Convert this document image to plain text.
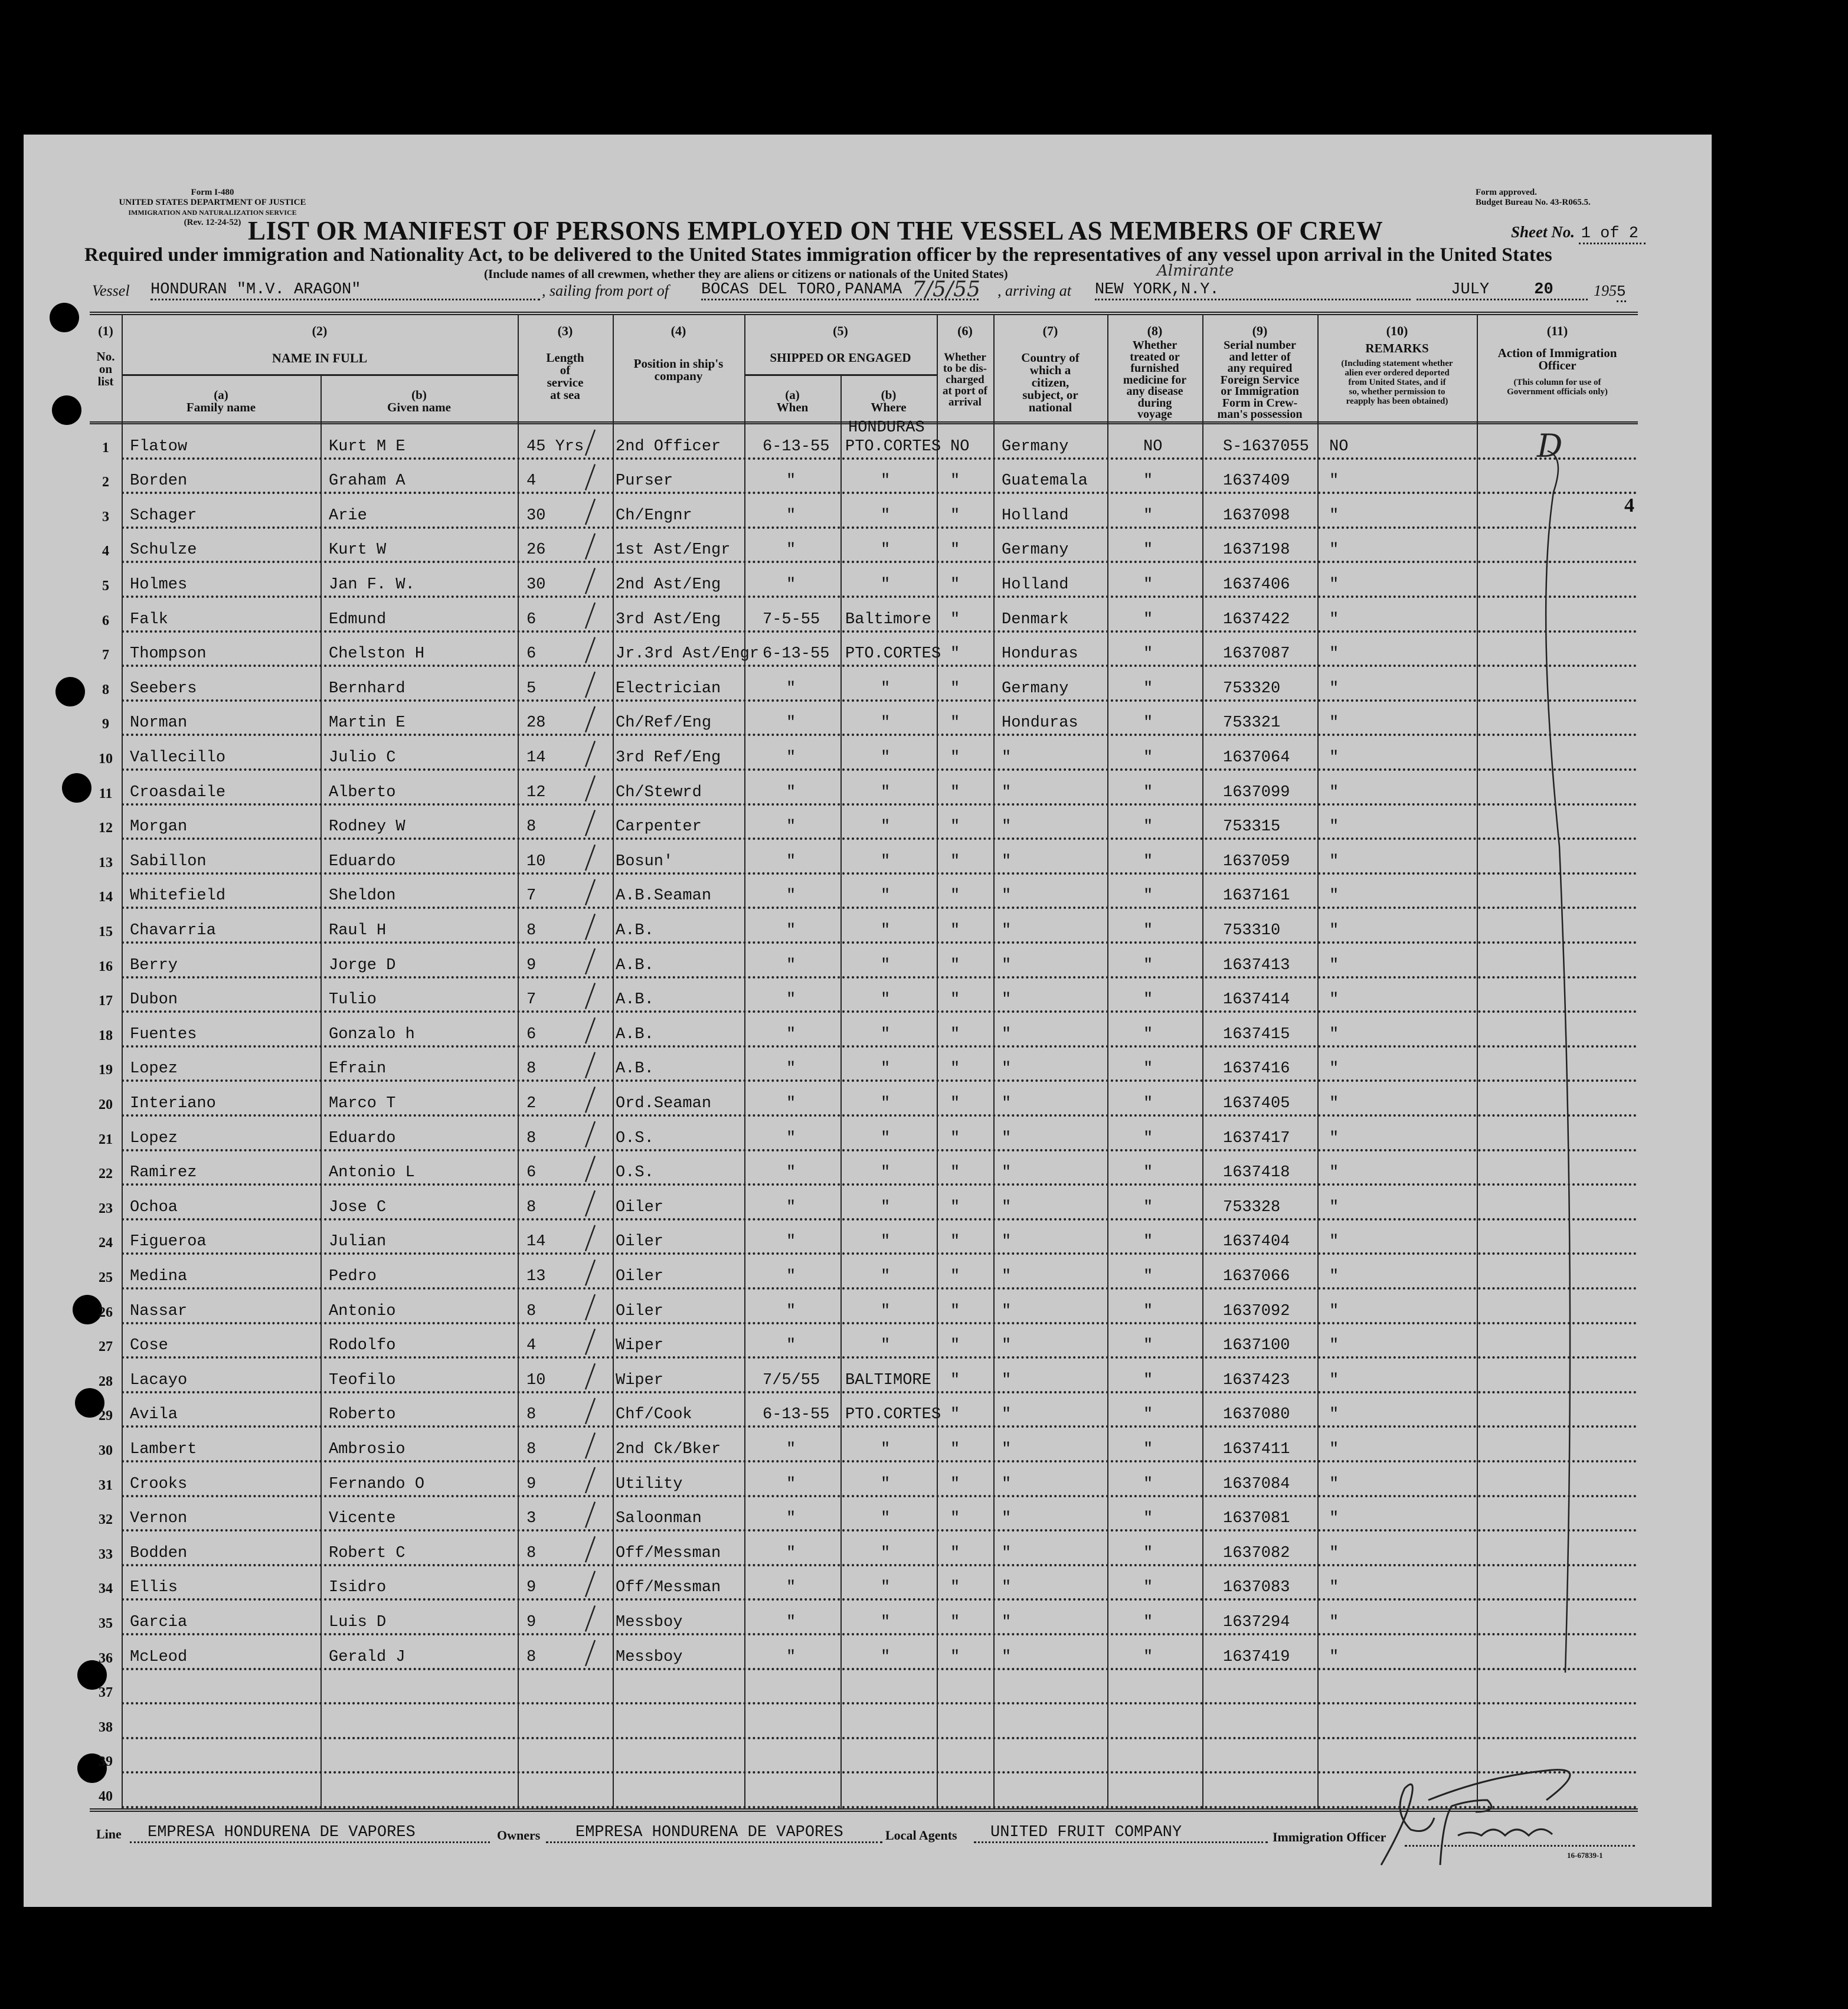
Form I-480
UNITED STATES DEPARTMENT OF JUSTICE
IMMIGRATION AND NATURALIZATION SERVICE
(Rev. 12-24-52)
Form approved.
Budget Bureau No. 43-R065.5.
LIST OR MANIFEST OF PERSONS EMPLOYED ON THE VESSEL AS MEMBERS OF CREW	Sheet No. 1 of 2
Required under immigration and Nationality Act, to be delivered to the United States immigration officer by the representatives of any vessel upon arrival in the United States
(Include names of all crewmen, whether they are aliens or citizens or nationals of the United States)
Vessel HONDURAN "M.V. ARAGON"	, sailing from port of BOCAS DEL TORO,PANAMA
Almirante
7/5/55 , arriving at NEW YORK,N.Y.	JULY	20	1955
(1)	(2)	(3)	(4)	(5)	(6)	(7)	(8)	(9)	(10)	(11)
No.
on
list
NAME IN FULL
(a)
Family name
(b)
Given name
Length
of
service
at sea
Position in ship's
company
SHIPPED OR ENGAGED
(a)
When
(b)
Where
Whether
to be dis-
charged
at port of
arrival
Country of
which a
citizen,
subject, or
national
Whether
treated or
furnished
medicine for
any disease
during
voyage
Serial number
and letter of
any required
Foreign Service
or Immigration
Form in Crew-
man's possession
REMARKS
(Including statement whether
alien ever ordered deported
from United States, and if
so, whether permission to
reapply has been obtained)
Action of Immigration
Officer
(This column for use of
Government officials only)
1	Flatow	Kurt M E	45 Yrs 2nd Officer	6-13-55 PTO.CORTES NO Germany	NO	S-1637055 NO
HONDURAS
2	Borden	Graham A	4	Purser	"	"	"	Guatemala	"	1637409 "
3	Schager	Arie	30	Ch/Engnr	"	"	"	Holland	"	1637098 "
4	Schulze	Kurt W	26	1st Ast/Engr	"	"	"	Germany	"	1637198 "
5	Holmes	Jan F. W.	30	2nd Ast/Eng	"	"	"	Holland	"	1637406 "
6	Falk	Edmund	6	3rd Ast/Eng	7-5-55 Baltimore "	Denmark	"	1637422 "
7	Thompson	Chelston H	6	Jr.3rd Ast/Engr 6-13-55 PTO.CORTES "	Honduras	"	1637087 "
8	Seebers	Bernhard	5	Electrician	"	"	"	Germany	"	753320	"
9	Norman	Martin E	28	Ch/Ref/Eng	"	"	"	Honduras	"	753321	"
10	Vallecillo	Julio C	14	3rd Ref/Eng	"	"	"	"	"	1637064 "
11	Croasdaile	Alberto	12	Ch/Stewrd	"	"	"	"	"	1637099 "
12	Morgan	Rodney W	8	Carpenter	"	"	"	"	"	753315	"
13	Sabillon	Eduardo	10	Bosun'	"	"	"	"	"	1637059 "
14	Whitefield	Sheldon	7	A.B.Seaman	"	"	"	"	"	1637161 "
15	Chavarria	Raul H	8	A.B.	"	"	"	"	"	753310	"
16	Berry	Jorge D	9	A.B.	"	"	"	"	"	1637413 "
17	Dubon	Tulio	7	A.B.	"	"	"	"	"	1637414 "
18	Fuentes	Gonzalo h	6	A.B.	"	"	"	"	"	1637415 "
19	Lopez	Efrain	8	A.B.	"	"	"	"	"	1637416 "
20	Interiano	Marco T	2	Ord.Seaman	"	"	"	"	"	1637405 "
21	Lopez	Eduardo	8	O.S.	"	"	"	"	"	1637417 "
22	Ramirez	Antonio L	6	O.S.	"	"	"	"	"	1637418 "
23	Ochoa	Jose C	8	Oiler	"	"	"	"	"	753328	"
24	Figueroa	Julian	14	Oiler	"	"	"	"	"	1637404 "
25	Medina	Pedro	13	Oiler	"	"	"	"	"	1637066 "
26	Nassar	Antonio	8	Oiler	"	"	"	"	"	1637092 "
27	Cose	Rodolfo	4	Wiper	"	"	"	"	"	1637100 "
28	Lacayo	Teofilo	10	Wiper	7/5/55 BALTIMORE "	"	"	1637423 "
29	Avila	Roberto	8	Chf/Cook	6-13-55 PTO.CORTES "	"	"	1637080 "
30	Lambert	Ambrosio	8	2nd Ck/Bker	"	"	"	"	"	1637411 "
31	Crooks	Fernando O	9	Utility	"	"	"	"	"	1637084 "
32	Vernon	Vicente	3	Saloonman	"	"	"	"	"	1637081 "
33	Bodden	Robert C	8	Off/Messman	"	"	"	"	"	1637082 "
34	Ellis	Isidro	9	Off/Messman	"	"	"	"	"	1637083 "
35	Garcia	Luis D	9	Messboy	"	"	"	"	"	1637294 "
36	McLeod	Gerald J	8	Messboy	"	"	"	"	"	1637419 "
37
38
39
40
D
4
Line	EMPRESA HONDURENA DE VAPORES	Owners	EMPRESA HONDURENA DE VAPORES	Local Agents	UNITED FRUIT COMPANY	Immigration Officer
16-67839-1
